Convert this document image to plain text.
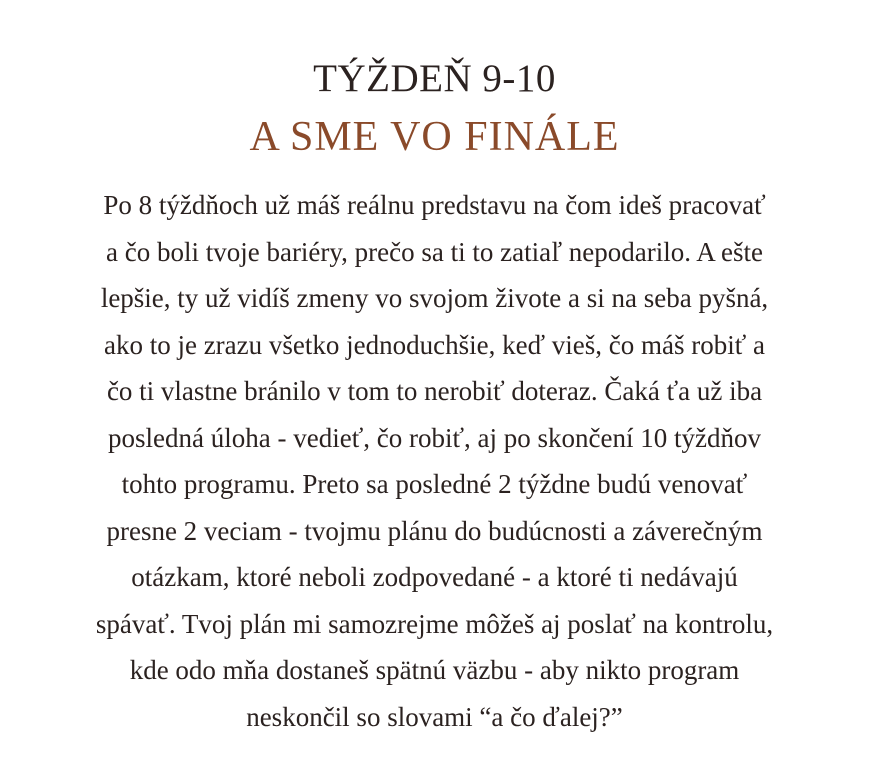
TÝŽDEŇ 9-10
A SME VO FINÁLE

Po 8 týždňoch už máš reálnu predstavu na čom ideš pracovať
a čo boli tvoje bariéry, prečo sa ti to zatiaľ nepodarilo. A ešte
lepšie, ty už vidíš zmeny vo svojom živote a si na seba pyšná,
ako to je zrazu všetko jednoduchšie, keď vieš, čo máš robiť a
čo ti vlastne bránilo v tom to nerobiť doteraz. Čaká ťa už iba
posledná úloha - vedieť, čo robiť, aj po skončení 10 týždňov
tohto programu. Preto sa posledné 2 týždne budú venovať
presne 2 veciam - tvojmu plánu do budúcnosti a záverečným
otázkam, ktoré neboli zodpovedané - a ktoré ti nedávajú
spávať. Tvoj plán mi samozrejme môžeš aj poslať na kontrolu,
kde odo mňa dostaneš spätnú väzbu - aby nikto program
neskončil so slovami “a čo ďalej?”
